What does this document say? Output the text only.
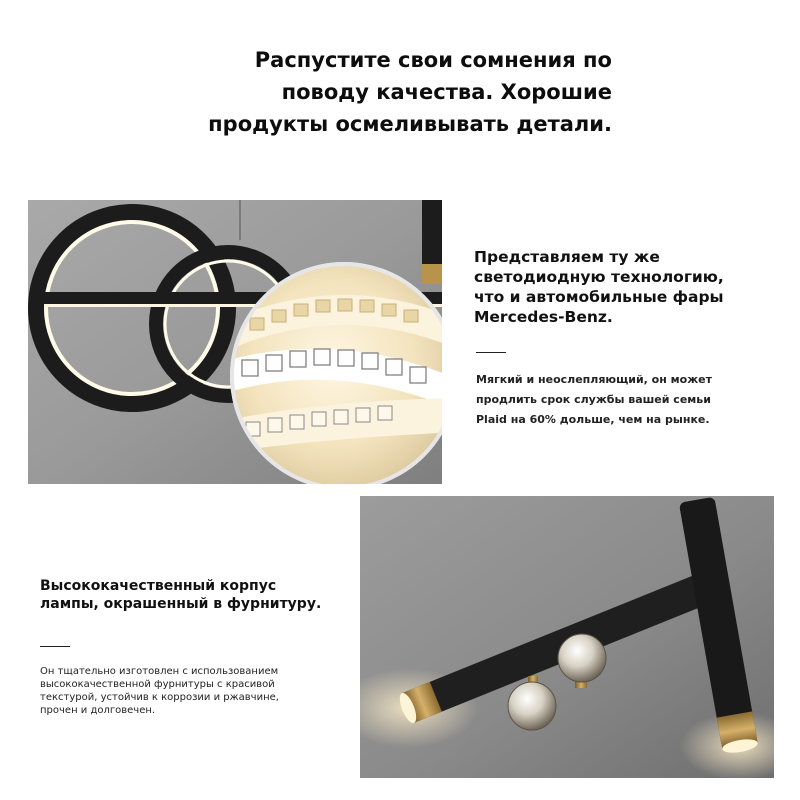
Распустите свои сомнения по
поводу качества. Хорошие
продукты осмеливывать детали.
Представляем ту же
светодиодную технологию,
что и автомобильные фары
Mercedes-Benz.

Мягкий и неослепляющий, он может
продлить срок службы вашей семьи
Plaid на 60% дольше, чем на рынке.

Высококачественный корпус
лампы, окрашенный в фурнитуру.

Он тщательно изготовлен с использованием
высококачественной фурнитуры с красивой
текстурой, устойчив к коррозии и ржавчине,
прочен и долговечен.
